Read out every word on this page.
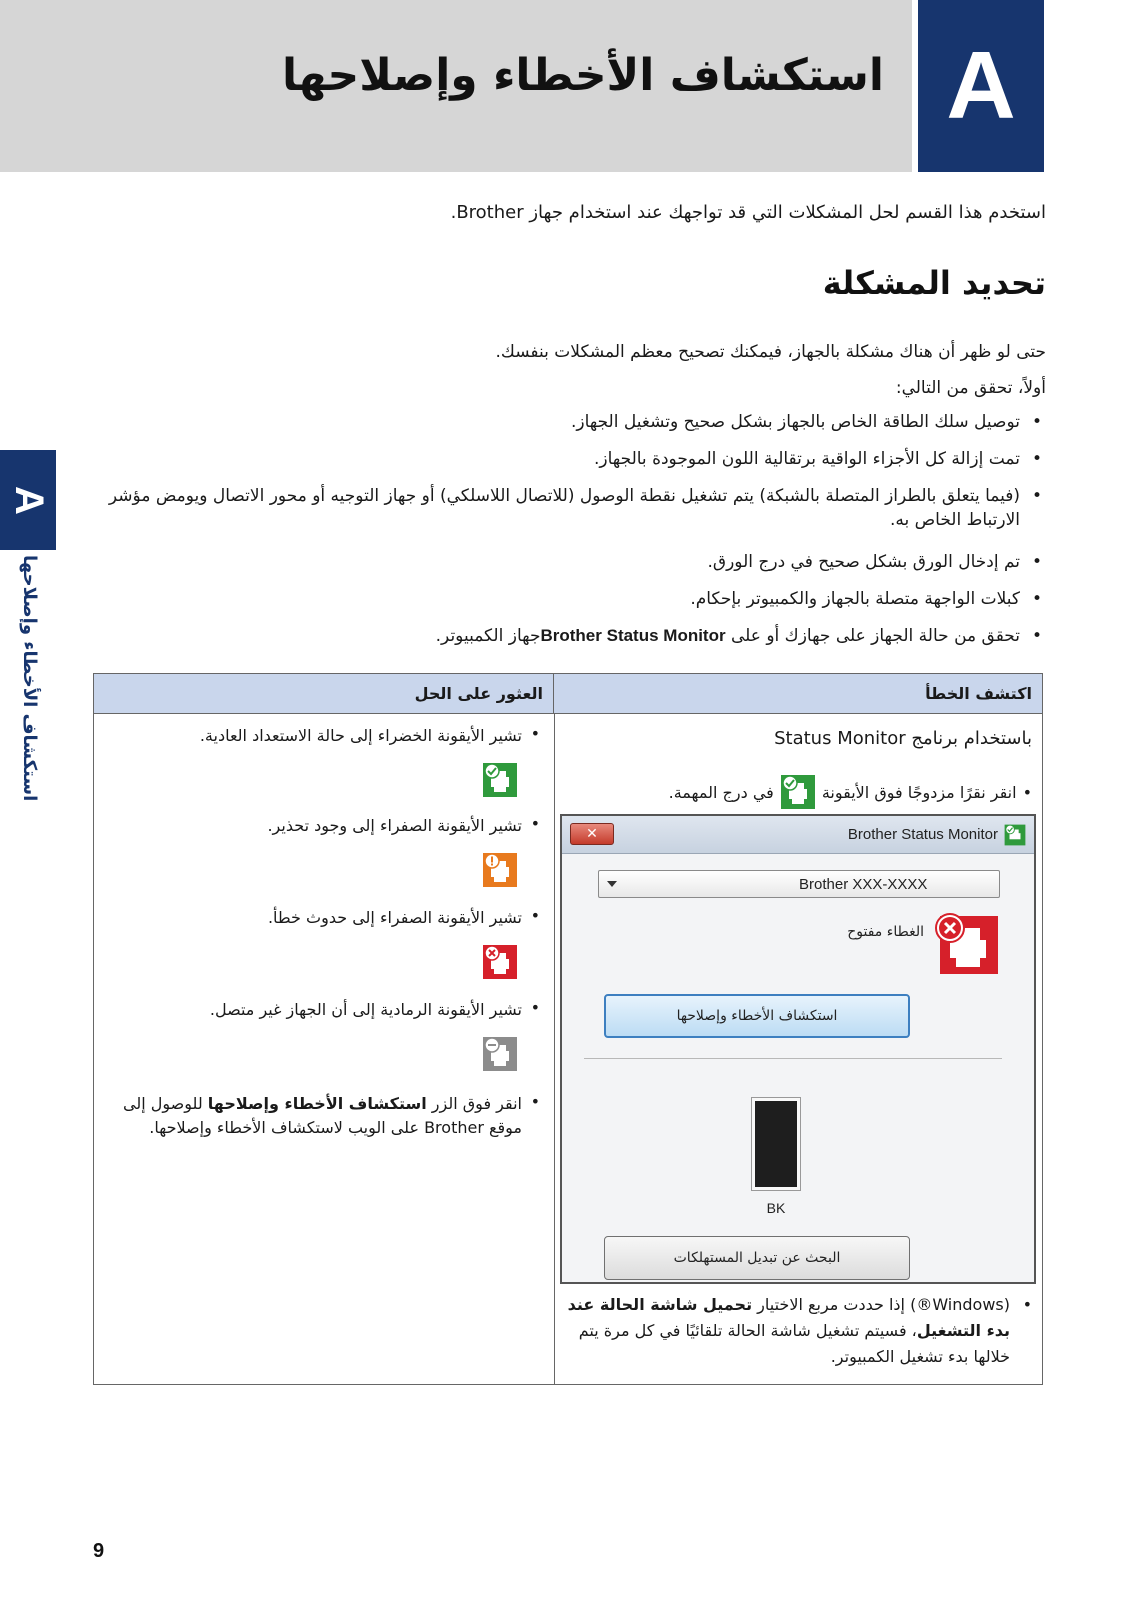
استكشاف الأخطاء وإصلاحها A
A
استكشاف الأخطاء وإصلاحها

استخدم هذا القسم لحل المشكلات التي قد تواجهك عند استخدام جهاز Brother.

تحديد المشكلة

حتى لو ظهر أن هناك مشكلة بالجهاز، فيمكنك تصحيح معظم المشكلات بنفسك.

أولاً، تحقق من التالي:

• توصيل سلك الطاقة الخاص بالجهاز بشكل صحيح وتشغيل الجهاز.
• تمت إزالة كل الأجزاء الواقية برتقالية اللون الموجودة بالجهاز.
• (فيما يتعلق بالطراز المتصلة بالشبكة) يتم تشغيل نقطة الوصول (للاتصال اللاسلكي) أو جهاز التوجيه أو محور الاتصال ويومض مؤشر الارتباط الخاص به.
• تم إدخال الورق بشكل صحيح في درج الورق.
• كبلات الواجهة متصلة بالجهاز والكمبيوتر بإحكام.
• تحقق من حالة الجهاز على جهازك أو على Brother Status Monitorجهاز الكمبيوتر.
العثور على الحل	اكتشف الخطأ
•
تشير الأيقونة الخضراء إلى حالة الاستعداد العادية.
•
تشير الأيقونة الصفراء إلى وجود تحذير.
•
تشير الأيقونة الصفراء إلى حدوث خطأ.
•
تشير الأيقونة الرمادية إلى أن الجهاز غير متصل.
•
انقر فوق الزر استكشاف الأخطاء وإصلاحها للوصول إلى موقع Brother على الويب لاستكشاف الأخطاء وإصلاحها.
باستخدام برنامج Status Monitor
•
انقر نقرًا مزدوجًا فوق الأيقونة
في درج المهمة.
✕	Brother Status Monitor
Brother XXX-XXXX
الغطاء مفتوح
استكشاف الأخطاء وإصلاحها
BK
البحث عن تبديل المستهلكات
•
(Windows®) إذا حددت مربع الاختيار تحميل شاشة الحالة عند بدء التشغيل، فسيتم تشغيل شاشة الحالة تلقائيًا في كل مرة يتم خلالها بدء تشغيل الكمبيوتر.
9
